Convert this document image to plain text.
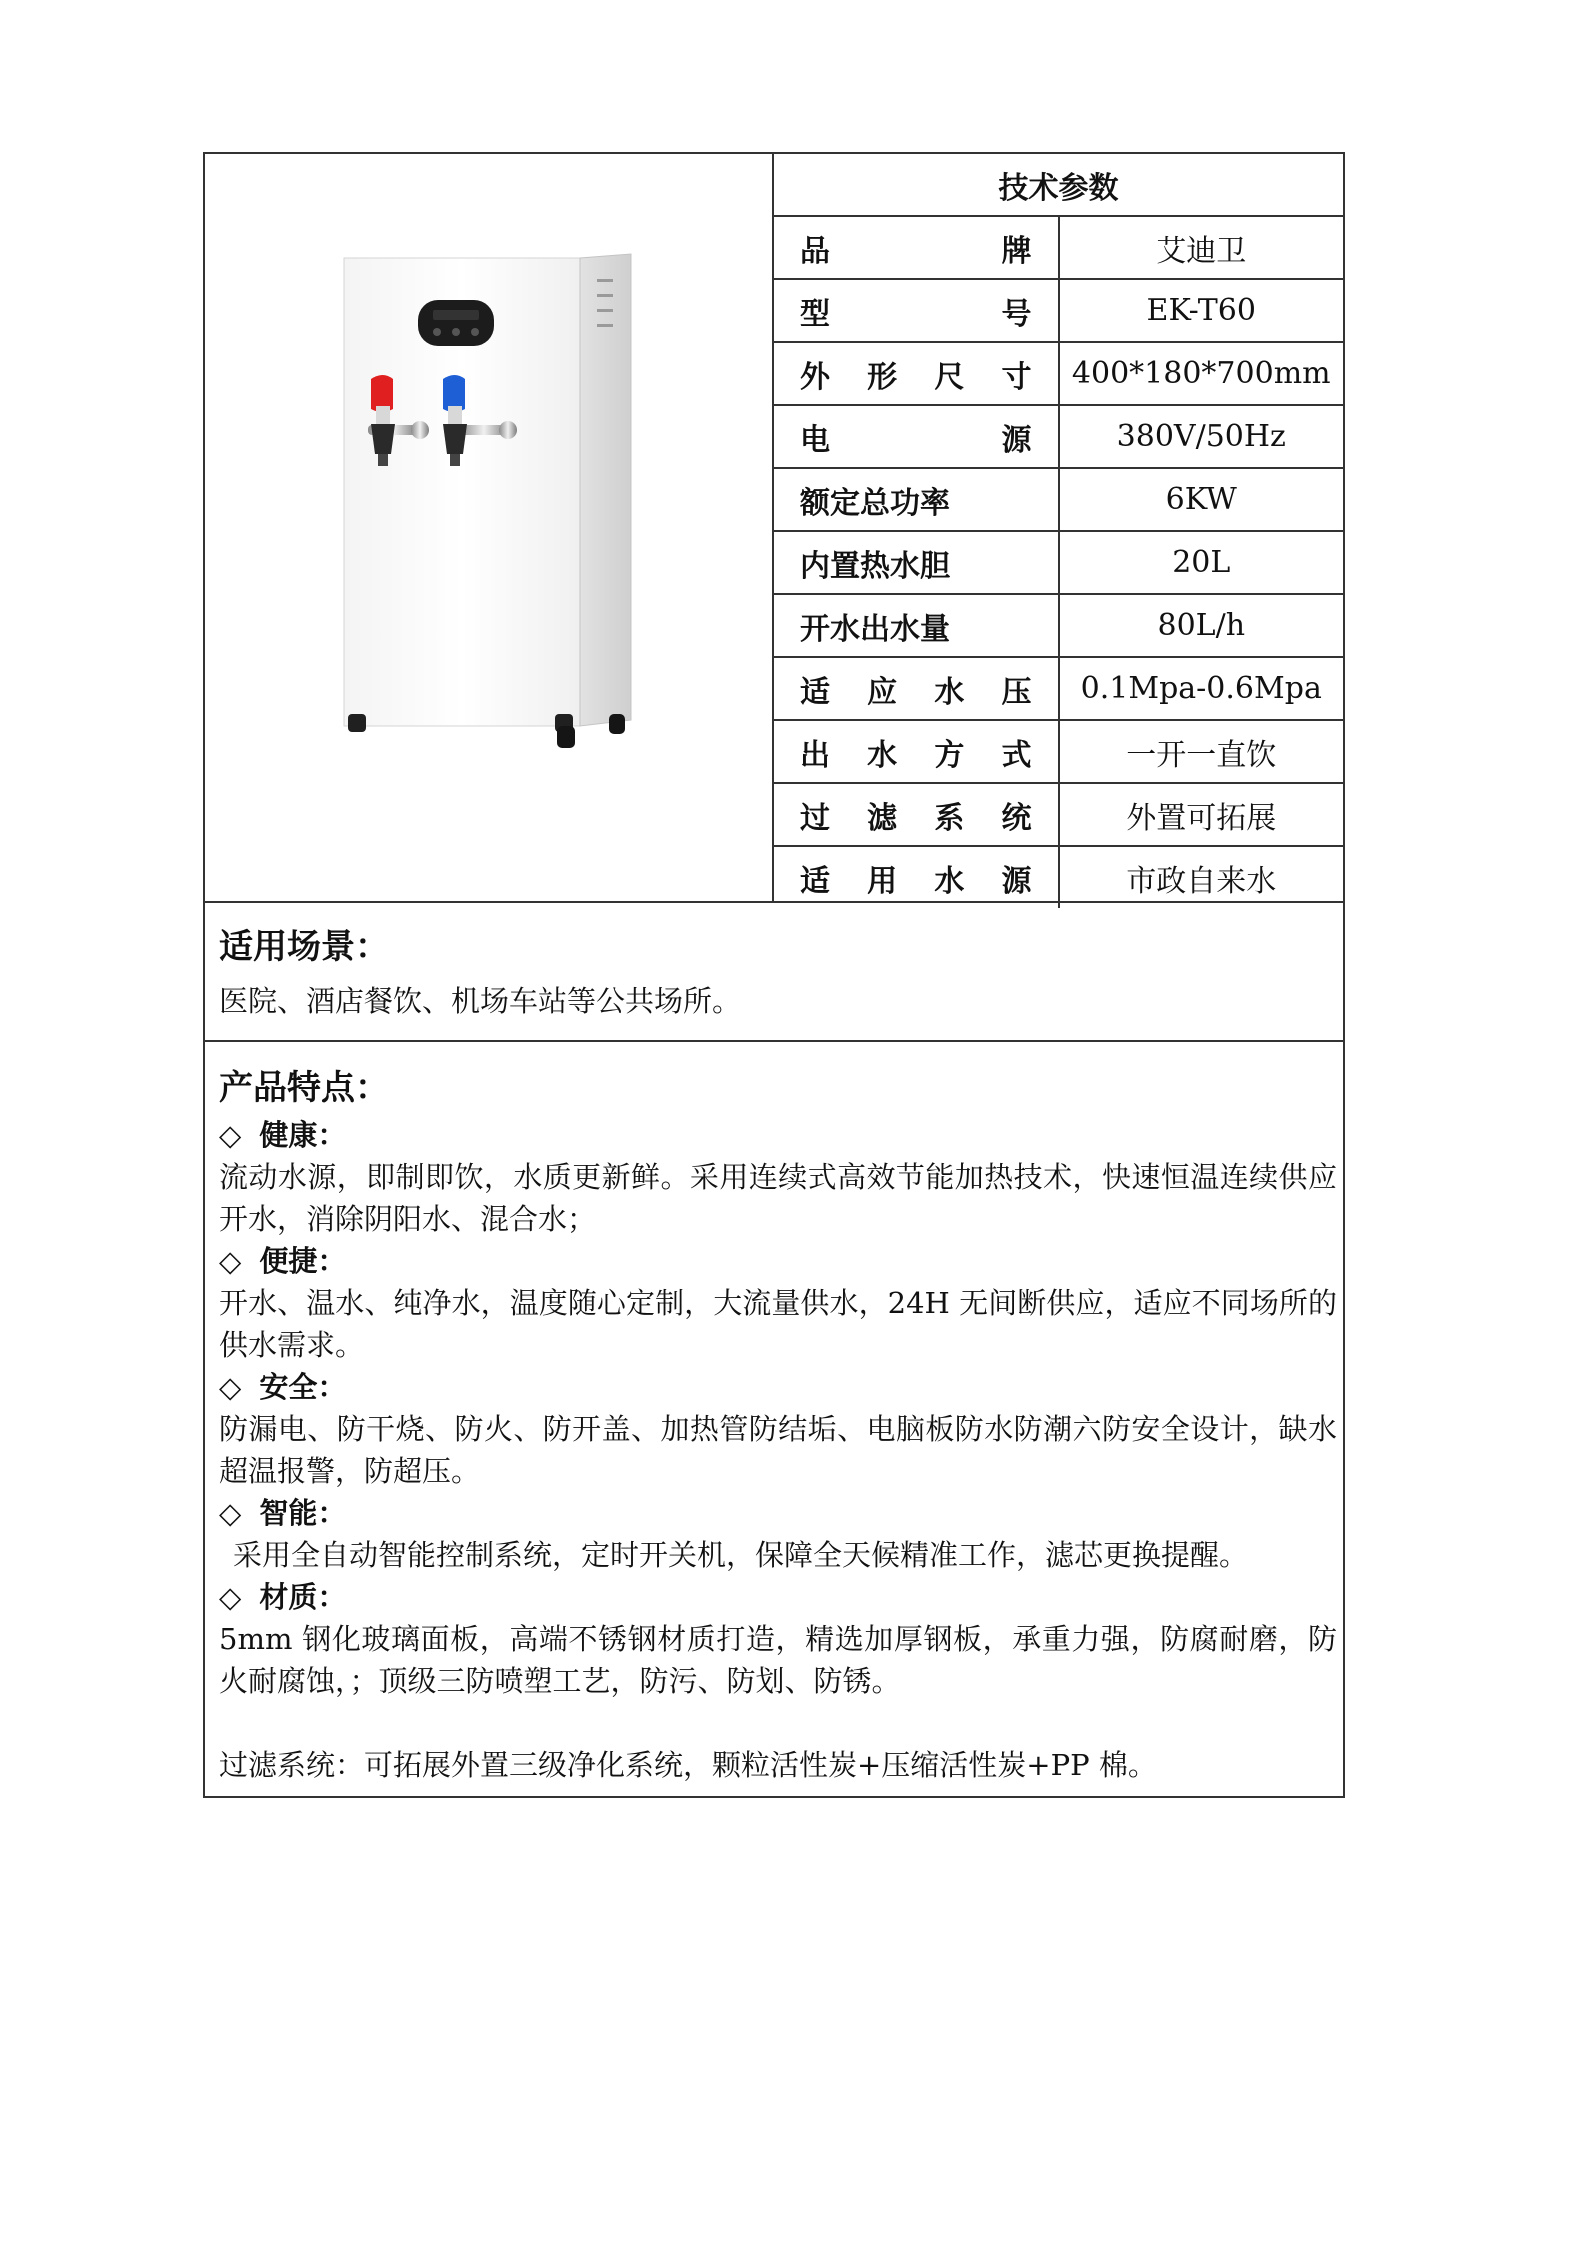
技术参数	

品 牌	艾迪卫

型 号	EK-T60

外 形 尺 寸	400*180*700mm

电 源	380V/50Hz

额定总功率	6KW

内置热水胆	20L

开水出水量	80L/h

适 应 水 压	0.1Mpa-0.6Mpa

出 水 方 式	一开一直饮

过 滤 系 统	外置可拓展

适 用 水 源	市政自来水
适用场景：
医院、酒店餐饮、机场车站等公共场所。
产品特点：
◇ 健康：
流动水源，即制即饮，水质更新鲜。采用连续式高效节能加热技术，快速恒温连续供应开水，消除阴阳水、混合水；
◇ 便捷：
开水、温水、纯净水，温度随心定制，大流量供水，24H 无间断供应，适应不同场所的供水需求。
◇ 安全：
防漏电、防干烧、防火、防开盖、加热管防结垢、电脑板防水防潮六防安全设计，缺水超温报警，防超压。
◇ 智能：
采用全自动智能控制系统，定时开关机，保障全天候精准工作，滤芯更换提醒。
◇ 材质：
5mm 钢化玻璃面板，高端不锈钢材质打造，精选加厚钢板，承重力强，防腐耐磨，防火耐腐蚀，；顶级三防喷塑工艺，防污、防划、防锈。
过滤系统：可拓展外置三级净化系统，颗粒活性炭+压缩活性炭+PP 棉。
